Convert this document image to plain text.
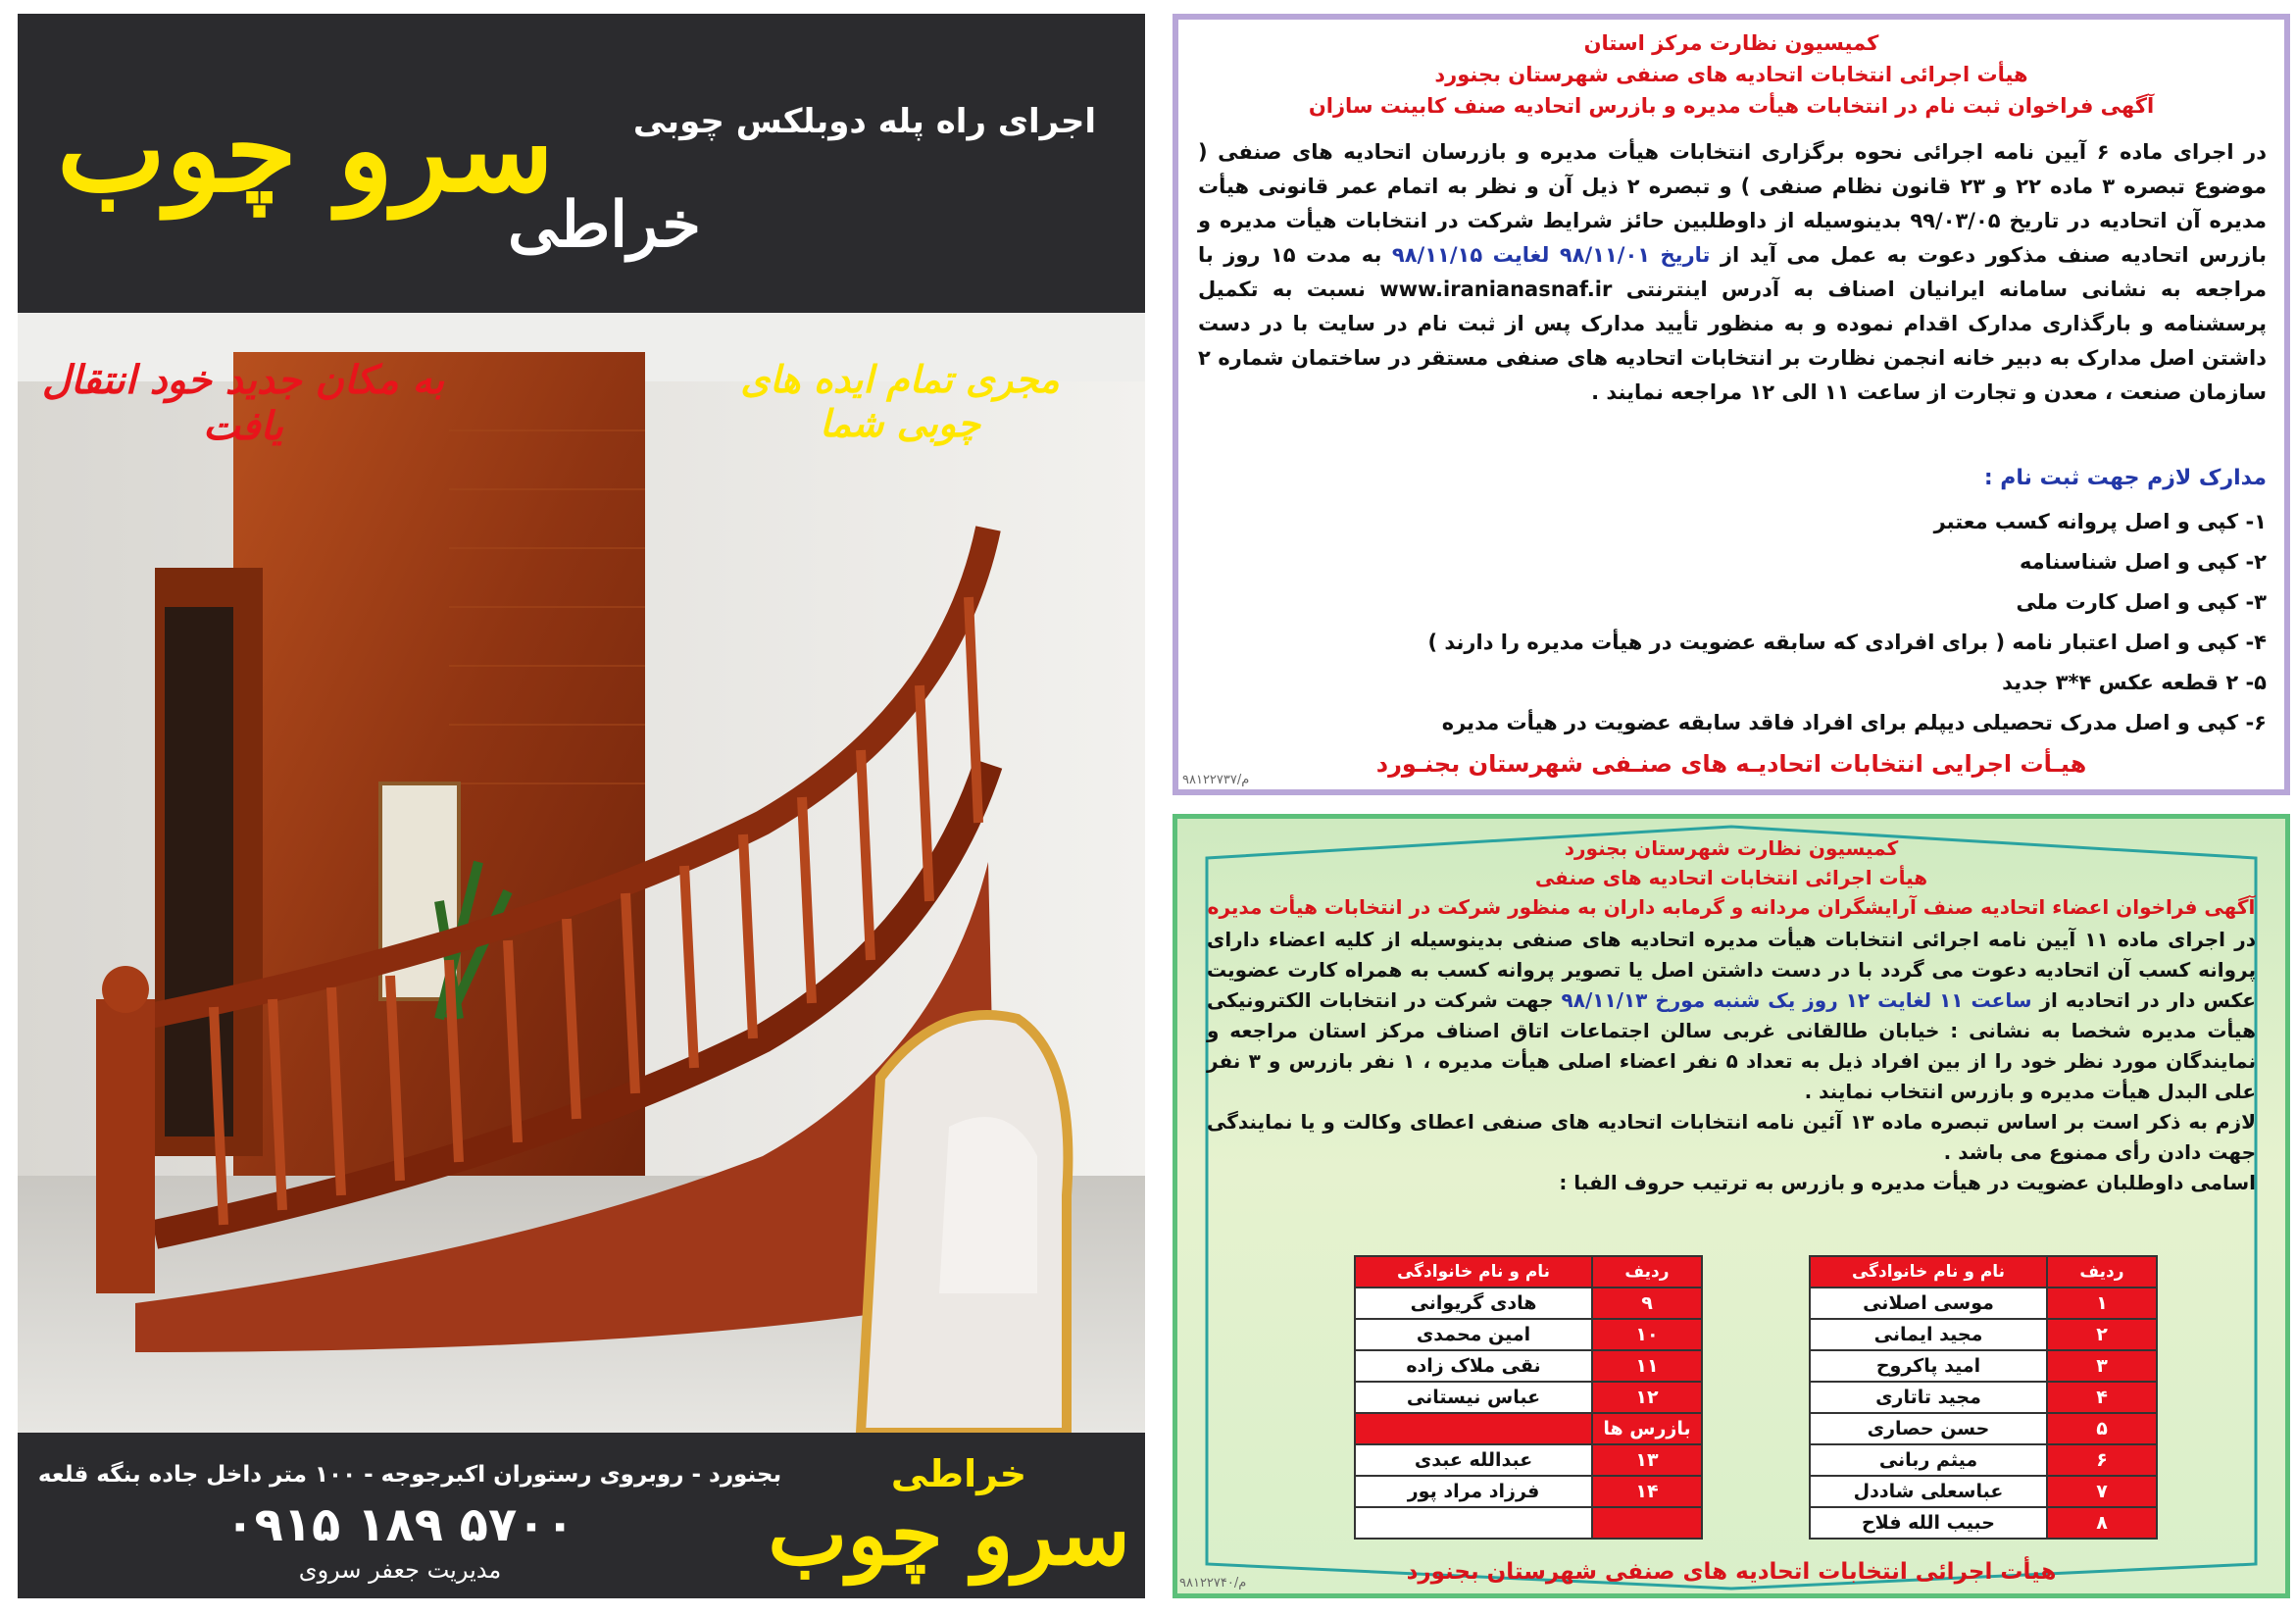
اجرای راه پله دوبلکس چوبی
سرو چوب
خراطی
به مکان جدید خود انتقال یافت
مجری تمام ایده های چوبی شما
خراطی
سرو چوب
بجنورد - روبروی رستوران اکبرجوجه - ۱۰۰ متر داخل جاده بنگه قلعه
۰۹۱۵ ۱۸۹ ۵۷۰۰
مدیریت جعفر سروی
کمیسیون نظارت مرکز استان
هیأت اجرائی انتخابات اتحادیه های صنفی شهرستان بجنورد
آگهی فراخوان ثبت نام در انتخابات هیأت مدیره و بازرس اتحادیه صنف کابینت سازان
در اجرای ماده ۶ آیین نامه اجرائی نحوه برگزاری انتخابات هیأت مدیره و بازرسان اتحادیه های صنفی ( موضوع تبصره ۳ ماده ۲۲ و ۲۳ قانون نظام صنفی ) و تبصره ۲ ذیل آن و نظر به اتمام عمر قانونی هیأت مدیره آن اتحادیه در تاریخ ۹۹/۰۳/۰۵ بدینوسیله از داوطلبین حائز شرایط شرکت در انتخابات هیأت مدیره و بازرس اتحادیه صنف مذکور دعوت به عمل می آید از تاریخ ۹۸/۱۱/۰۱ لغایت ۹۸/۱۱/۱۵ به مدت ۱۵ روز با مراجعه به نشانی سامانه ایرانیان اصناف به آدرس اینترنتی www.iranianasnaf.ir نسبت به تکمیل پرسشنامه و بارگذاری مدارک اقدام نموده و به منظور تأیید مدارک پس از ثبت نام در سایت با در دست داشتن اصل مدارک به دبیر خانه انجمن نظارت بر انتخابات اتحادیه های صنفی مستقر در ساختمان شماره ۲ سازمان صنعت ، معدن و تجارت از ساعت ۱۱ الی ۱۲ مراجعه نمایند .
مدارک لازم جهت ثبت نام :
۱- کپی و اصل پروانه کسب معتبر
۲- کپی و اصل شناسنامه
۳- کپی و اصل کارت ملی
۴- کپی و اصل اعتبار نامه ( برای افرادی که سابقه عضویت در هیأت مدیره را دارند )
۵- ۲ قطعه عکس ۴*۳ جدید
۶- کپی و اصل مدرک تحصیلی دیپلم برای افراد فاقد سابقه عضویت در هیأت مدیره
هیـأت اجرایی انتخابات اتحادیـه های صنـفی شهرستان بجنـورد
۹۸۱۲۲۷۳۷/م
کمیسیون نظارت شهرستان بجنورد
هیأت اجرائی انتخابات اتحادیه های صنفی
آگهی فراخوان اعضاء اتحادیه صنف آرایشگران مردانه و گرمابه داران به منظور شرکت در انتخابات هیأت مدیره
در اجرای ماده ۱۱ آیین نامه اجرائی انتخابات هیأت مدیره اتحادیه های صنفی بدینوسیله از کلیه اعضاء دارای پروانه کسب آن اتحادیه دعوت می گردد با در دست داشتن اصل یا تصویر پروانه کسب به همراه کارت عضویت عکس دار در اتحادیه از ساعت ۱۱ لغایت ۱۲ روز یک شنبه مورخ ۹۸/۱۱/۱۳ جهت شرکت در انتخابات الکترونیکی هیأت مدیره شخصا به نشانی : خیابان طالقانی غربی سالن اجتماعات اتاق اصناف مرکز استان مراجعه و نمایندگان مورد نظر خود را از بین افراد ذیل به تعداد ۵ نفر اعضاء اصلی هیأت مدیره ، ۱ نفر بازرس و ۳ نفر علی البدل هیأت مدیره و بازرس انتخاب نمایند .
لازم به ذکر است بر اساس تبصره ماده ۱۳ آئین نامه انتخابات اتحادیه های صنفی اعطای وکالت و یا نمایندگی جهت دادن رأی ممنوع می باشد .
اسامی داوطلبان عضویت در هیأت مدیره و بازرس به ترتیب حروف الفبا :
ردیف	نام و نام خانوادگی
۱	موسی اصلانی
۲	مجید ایمانی
۳	امید پاکروح
۴	مجید تاتاری
۵	حسن حصاری
۶	میثم ربانی
۷	عباسعلی شاددل
۸	حبیب الله فلاح
ردیف	نام و نام خانوادگی
۹	هادی گریوانی
۱۰	امین محمدی
۱۱	نقی ملاک زاده
۱۲	عباس نیستانی
بازرس ها	
۱۳	عبدالله عبدی
۱۴	فرزاد مراد پور

هیأت اجرائی انتخابات اتحادیه های صنفی شهرستان بجنورد
۹۸۱۲۲۷۴۰/م
